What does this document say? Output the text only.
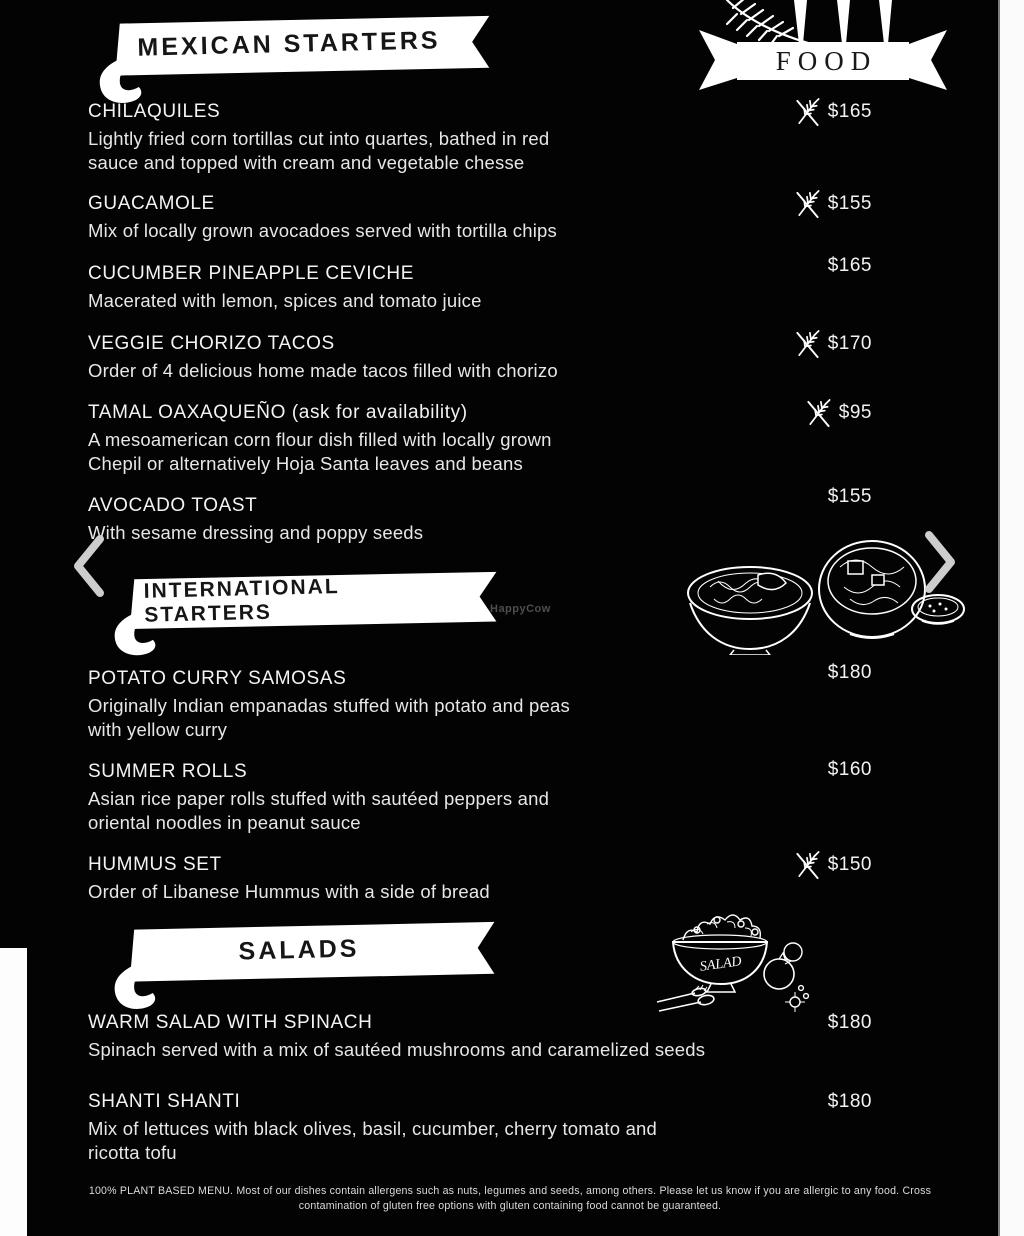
MEXICAN STARTERS	FOOD
CHILAQUILES
Lightly fried corn tortillas cut into quartes, bathed in red
sauce and topped with cream and vegetable chesse
$165
GUACAMOLE
Mix of locally grown avocadoes served with tortilla chips
$155
CUCUMBER PINEAPPLE CEVICHE
Macerated with lemon, spices and tomato juice
$165
VEGGIE CHORIZO TACOS
Order of 4 delicious home made tacos filled with chorizo
$170
TAMAL OAXAQUEÑO (ask for availability)
A mesoamerican corn flour dish filled with locally grown
Chepil or alternatively Hoja Santa leaves and beans
$95
AVOCADO TOAST
With sesame dressing and poppy seeds
$155
HappyCow
INTERNATIONAL STARTERS
POTATO CURRY SAMOSAS
Originally Indian empanadas stuffed with potato and peas
with yellow curry
$180
SUMMER ROLLS
Asian rice paper rolls stuffed with sautéed peppers and
oriental noodles in peanut sauce
$160
HUMMUS SET
Order of Libanese Hummus with a side of bread
$150
SALADS	SALAD
WARM SALAD WITH SPINACH
Spinach served with a mix of sautéed mushrooms and caramelized seeds
$180
SHANTI SHANTI
Mix of lettuces with black olives, basil, cucumber, cherry tomato and
ricotta tofu
$180
100% PLANT BASED MENU. Most of our dishes contain allergens such as nuts, legumes and seeds, among others. Please let us know if you are allergic to any food. Cross
contamination of gluten free options with gluten containing food cannot be guaranteed.
